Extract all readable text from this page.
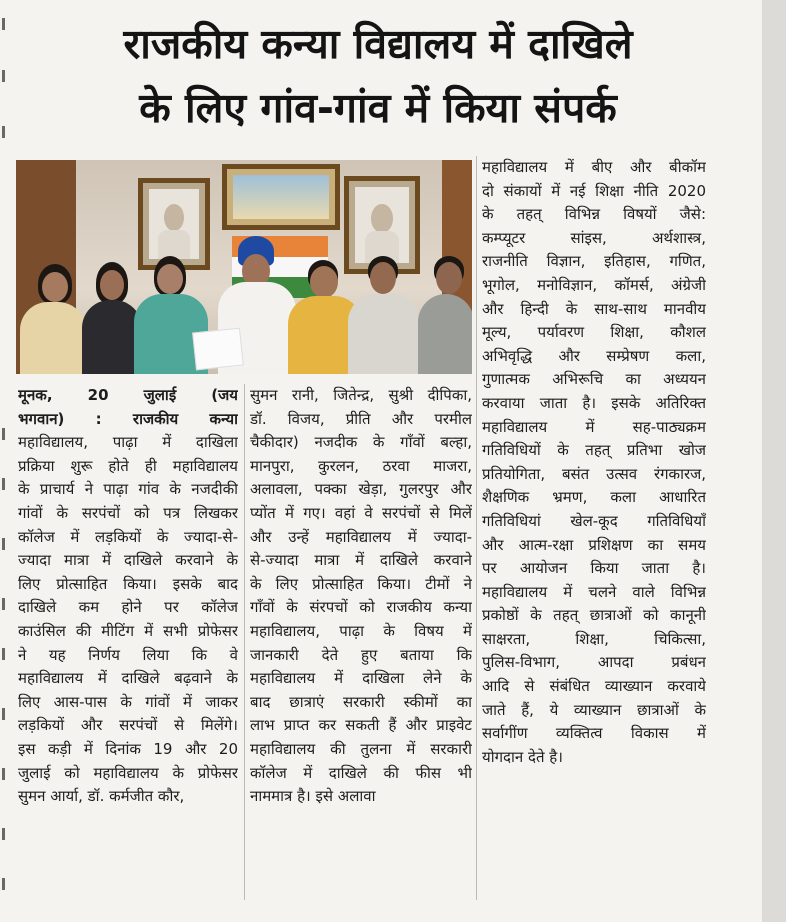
राजकीय कन्या विद्यालय में दाखिले
के लिए गांव-गांव में किया संपर्क
मूनक, 20 जुलाई (जय
भगवान) : राजकीय कन्या
महाविद्यालय, पाढ़ा में दाखिला
प्रक्रिया शुरू होते ही महाविद्यालय
के प्राचार्य ने पाढ़ा गांव के नजदीकी
गांवों के सरपंचों को पत्र लिखकर
कॉलेज में लड़कियों के ज्यादा-से-
ज्यादा मात्रा में दाखिले करवाने के
लिए प्रोत्साहित किया। इसके बाद
दाखिले कम होने पर कॉलेज
काउंसिल की मीटिंग में सभी प्रोफेसर
ने यह निर्णय लिया कि वे
महाविद्यालय में दाखिले बढ़वाने के
लिए आस-पास के गांवों में जाकर
लड़कियों और सरपंचों से मिलेंगे।
इस कड़ी में दिनांक 19 और 20
जुलाई को महाविद्यालय के प्रोफेसर
सुमन आर्या, डॉ. कर्मजीत कौर,
सुमन रानी, जितेन्द्र, सुश्री दीपिका,
डॉ. विजय, प्रीति और परमील
चैकीदार) नजदीक के गाँवों बल्हा,
मानपुरा, कुरलन, ठरवा माजरा,
अलावला, पक्का खेड़ा, गुलरपुर और
प्योंत में गए। वहां वे सरपंचों से मिलें
और उन्हें महाविद्यालय में ज्यादा-
से-ज्यादा मात्रा में दाखिले करवाने
के लिए प्रोत्साहित किया। टीमों ने
गाँवों के संरपचों को राजकीय कन्या
महाविद्यालय, पाढ़ा के विषय में
जानकारी देते हुए बताया कि
महाविद्यालय में दाखिला लेने के
बाद छात्राएं सरकारी स्कीमों का
लाभ प्राप्त कर सकती हैं और प्राइवेट
महाविद्यालय की तुलना में सरकारी
कॉलेज में दाखिले की फीस भी
नाममात्र है। इसे अलावा
महाविद्यालय में बीए और बीकॉम
दो संकायों में नई शिक्षा नीति 2020
के तहत् विभिन्न विषयों जैसे:
कम्प्यूटर सांइस, अर्थशास्त्र,
राजनीति विज्ञान, इतिहास, गणित,
भूगोल, मनोविज्ञान, कॉमर्स, अंग्रेजी
और हिन्दी के साथ-साथ मानवीय
मूल्य, पर्यावरण शिक्षा, कौशल
अभिवृद्धि और सम्प्रेषण कला,
गुणात्मक अभिरूचि का अध्ययन
करवाया जाता है। इसके अतिरिक्त
महाविद्यालय में सह-पाठ्यक्रम
गतिविधियों के तहत् प्रतिभा खोज
प्रतियोगिता, बसंत उत्सव रंगकारज,
शैक्षणिक भ्रमण, कला आधारित
गतिविधियां खेल-कूद गतिविधियाँ
और आत्म-रक्षा प्रशिक्षण का समय
पर आयोजन किया जाता है।
महाविद्यालय में चलने वाले विभिन्न
प्रकोष्ठों के तहत् छात्राओं को कानूनी
साक्षरता, शिक्षा, चिकित्सा,
पुलिस-विभाग, आपदा प्रबंधन
आदि से संबंधित व्याख्यान करवाये
जाते हैं, ये व्याख्यान छात्राओं के
सर्वागींण व्यक्तित्व विकास में
योगदान देते है।
